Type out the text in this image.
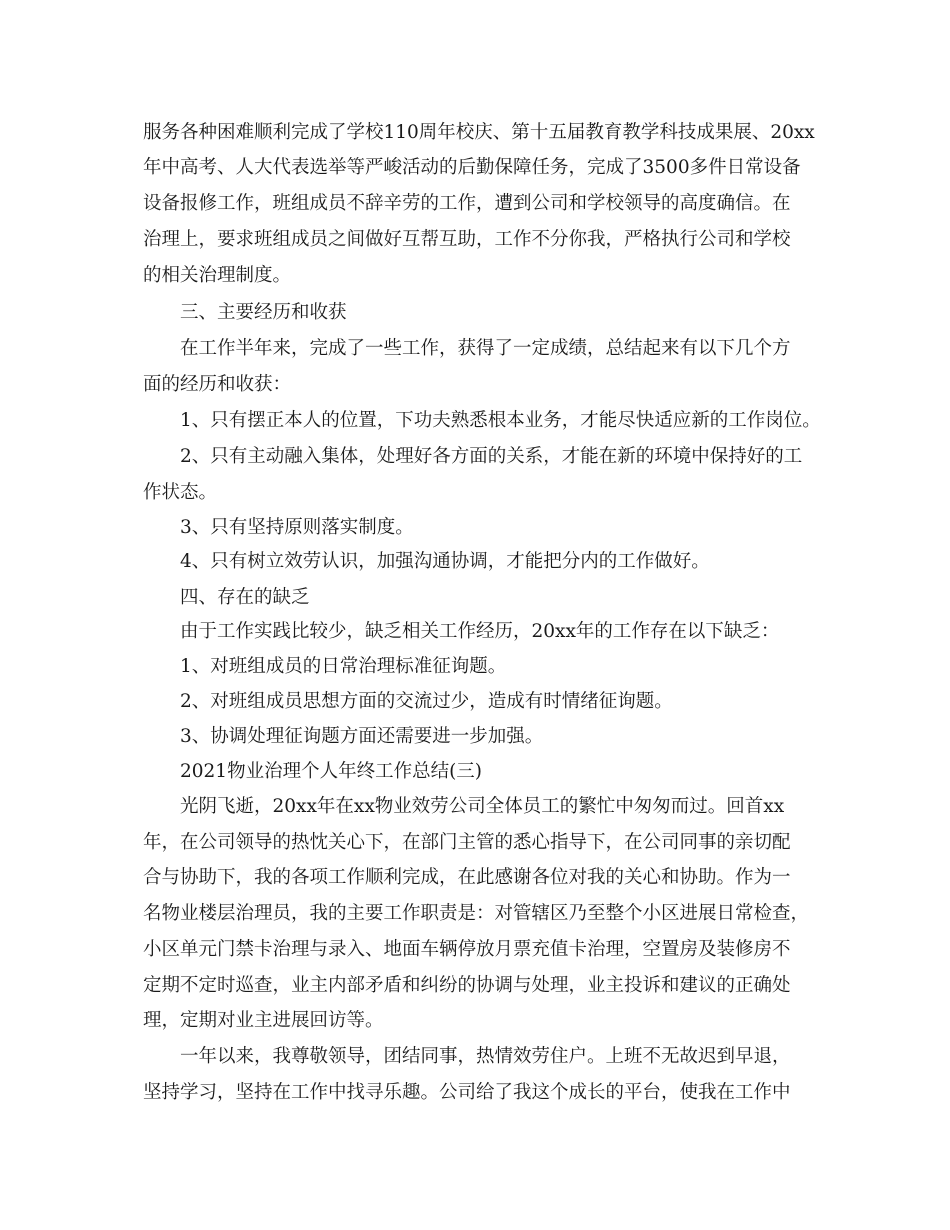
服务各种困难顺利完成了学校110周年校庆、第十五届教育教学科技成果展、20xx
年中高考、人大代表选举等严峻活动的后勤保障任务，完成了3500多件日常设备
设备报修工作，班组成员不辞辛劳的工作，遭到公司和学校领导的高度确信。在
治理上，要求班组成员之间做好互帮互助，工作不分你我，严格执行公司和学校
的相关治理制度。
三、主要经历和收获
在工作半年来，完成了一些工作，获得了一定成绩，总结起来有以下几个方
面的经历和收获：
1、只有摆正本人的位置，下功夫熟悉根本业务，才能尽快适应新的工作岗位。
2、只有主动融入集体，处理好各方面的关系，才能在新的环境中保持好的工
作状态。
3、只有坚持原则落实制度。
4、只有树立效劳认识，加强沟通协调，才能把分内的工作做好。
四、存在的缺乏
由于工作实践比较少，缺乏相关工作经历，20xx年的工作存在以下缺乏：
1、对班组成员的日常治理标准征询题。
2、对班组成员思想方面的交流过少，造成有时情绪征询题。
3、协调处理征询题方面还需要进一步加强。
2021物业治理个人年终工作总结(三)
光阴飞逝，20xx年在xx物业效劳公司全体员工的繁忙中匆匆而过。回首xx
年，在公司领导的热忱关心下，在部门主管的悉心指导下，在公司同事的亲切配
合与协助下，我的各项工作顺利完成，在此感谢各位对我的关心和协助。作为一
名物业楼层治理员，我的主要工作职责是：对管辖区乃至整个小区进展日常检查，
小区单元门禁卡治理与录入、地面车辆停放月票充值卡治理，空置房及装修房不
定期不定时巡查，业主内部矛盾和纠纷的协调与处理，业主投诉和建议的正确处
理，定期对业主进展回访等。
一年以来，我尊敬领导，团结同事，热情效劳住户。上班不无故迟到早退，
坚持学习，坚持在工作中找寻乐趣。公司给了我这个成长的平台，使我在工作中
